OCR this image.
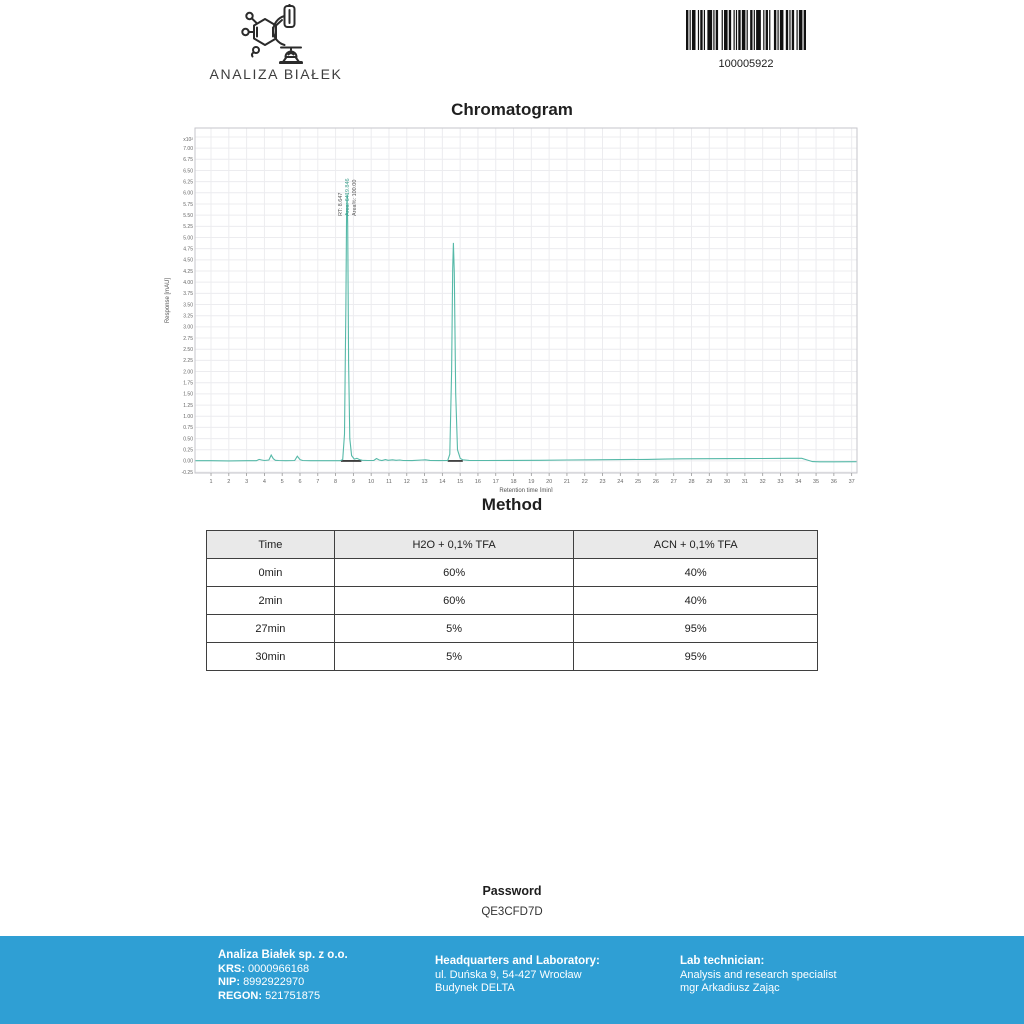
ANALIZA BIAŁEK
100005922
Chromatogram
1	2	3	4	5	6	7	8	9 10 11 12 13 14 15 16 17 18 19 20 21 22 23 24 25 26 27 28 29 30 31 32 33 34 35 36 37
-0.25
0.00
0.25
0.50
0.75
1.00
1.25
1.50
1.75
2.00
2.25
2.50
2.75
3.00
3.25
3.50
3.75
4.00
4.25
4.50
4.75
5.00
5.25
5.50
5.75
6.00
6.25
6.50
6.75
7.00
x10²
Retention time [min]
Response [mAU]
RT: 8.647 Area: 6419.846 Area%: 100.00
Method
Time	H2O + 0,1% TFA	ACN + 0,1% TFA
0min	60%	40%
2min	60%	40%
27min	5%	95%
30min	5%	95%
Password
QE3CFD7D
Analiza Białek sp. z o.o.
KRS: 0000966168
NIP: 8992922970
REGON: 521751875
Headquarters and Laboratory:
ul. Duńska 9, 54-427 Wrocław
Budynek DELTA
Lab technician:
Analysis and research specialist
mgr Arkadiusz Zając
